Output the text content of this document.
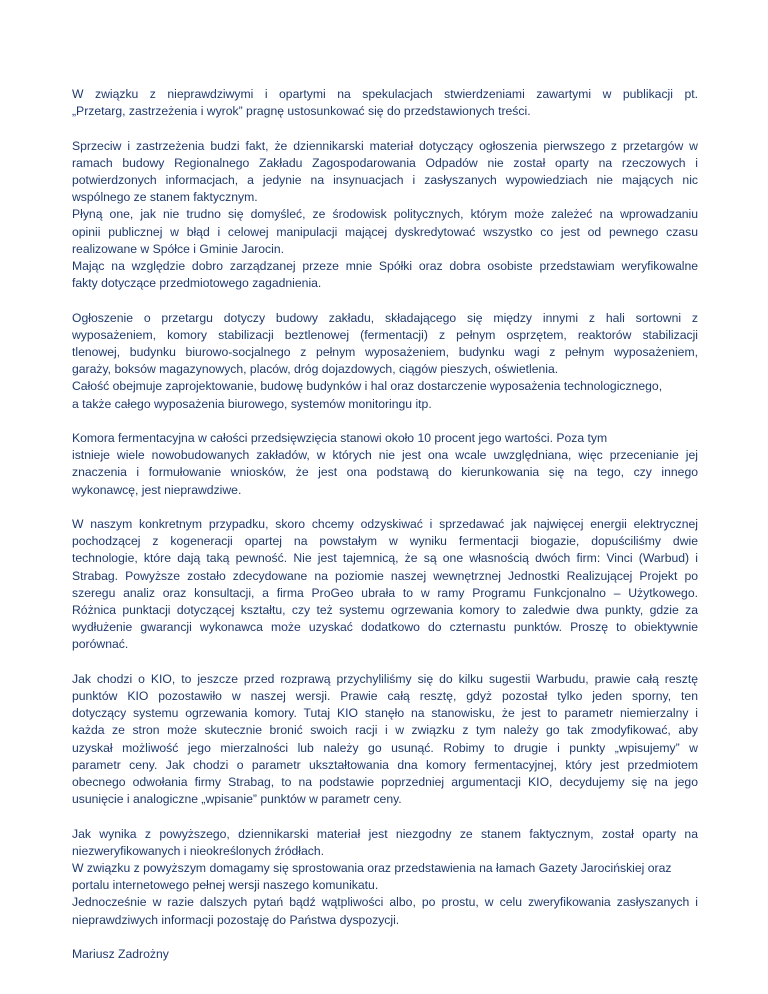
W związku z nieprawdziwymi i opartymi na spekulacjach stwierdzeniami zawartymi w publikacji pt.
„Przetarg, zastrzeżenia i wyrok” pragnę ustosunkować się do przedstawionych treści.
Sprzeciw i zastrzeżenia budzi fakt, że dziennikarski materiał dotyczący ogłoszenia pierwszego z przetargów w
ramach budowy Regionalnego Zakładu Zagospodarowania Odpadów nie został oparty na rzeczowych i
potwierdzonych informacjach, a jedynie na insynuacjach i zasłyszanych wypowiedziach nie mających nic
wspólnego ze stanem faktycznym.
Płyną one, jak nie trudno się domyśleć, ze środowisk politycznych, którym może zależeć na wprowadzaniu
opinii publicznej w błąd i celowej manipulacji mającej dyskredytować wszystko co jest od pewnego czasu
realizowane w Spółce i Gminie Jarocin.
Mając na względzie dobro zarządzanej przeze mnie Spółki oraz dobra osobiste przedstawiam weryfikowalne
fakty dotyczące przedmiotowego zagadnienia.
Ogłoszenie o przetargu dotyczy budowy zakładu, składającego się między innymi z hali sortowni z
wyposażeniem, komory stabilizacji beztlenowej (fermentacji) z pełnym osprzętem, reaktorów stabilizacji
tlenowej, budynku biurowo-socjalnego z pełnym wyposażeniem, budynku wagi z pełnym wyposażeniem,
garaży, boksów magazynowych, placów, dróg dojazdowych, ciągów pieszych, oświetlenia.
Całość obejmuje zaprojektowanie, budowę budynków i hal oraz dostarczenie wyposażenia technologicznego,
a także całego wyposażenia biurowego, systemów monitoringu itp.
Komora fermentacyjna w całości przedsięwzięcia stanowi około 10 procent jego wartości. Poza tym
istnieje wiele nowobudowanych zakładów, w których nie jest ona wcale uwzględniana, więc przecenianie jej
znaczenia i formułowanie wniosków, że jest ona podstawą do kierunkowania się na tego, czy innego
wykonawcę, jest nieprawdziwe.
W naszym konkretnym przypadku, skoro chcemy odzyskiwać i sprzedawać jak najwięcej energii elektrycznej
pochodzącej z kogeneracji opartej na powstałym w wyniku fermentacji biogazie, dopuściliśmy dwie
technologie, które dają taką pewność. Nie jest tajemnicą, że są one własnością dwóch firm: Vinci (Warbud) i
Strabag. Powyższe zostało zdecydowane na poziomie naszej wewnętrznej Jednostki Realizującej Projekt po
szeregu analiz oraz konsultacji, a firma ProGeo ubrała to w ramy Programu Funkcjonalno – Użytkowego.
Różnica punktacji dotyczącej kształtu, czy też systemu ogrzewania komory to zaledwie dwa punkty, gdzie za
wydłużenie gwarancji wykonawca może uzyskać dodatkowo do czternastu punktów. Proszę to obiektywnie
porównać.
Jak chodzi o KIO, to jeszcze przed rozprawą przychyliliśmy się do kilku sugestii Warbudu, prawie całą resztę
punktów KIO pozostawiło w naszej wersji. Prawie całą resztę, gdyż pozostał tylko jeden sporny, ten
dotyczący systemu ogrzewania komory. Tutaj KIO stanęło na stanowisku, że jest to parametr niemierzalny i
każda ze stron może skutecznie bronić swoich racji i w związku z tym należy go tak zmodyfikować, aby
uzyskał możliwość jego mierzalności lub należy go usunąć. Robimy to drugie i punkty „wpisujemy” w
parametr ceny. Jak chodzi o parametr ukształtowania dna komory fermentacyjnej, który jest przedmiotem
obecnego odwołania firmy Strabag, to na podstawie poprzedniej argumentacji KIO, decydujemy się na jego
usunięcie i analogiczne „wpisanie” punktów w parametr ceny.
Jak wynika z powyższego, dziennikarski materiał jest niezgodny ze stanem faktycznym, został oparty na
niezweryfikowanych i nieokreślonych źródłach.
W związku z powyższym domagamy się sprostowania oraz przedstawienia na łamach Gazety Jarocińskiej oraz
portalu internetowego pełnej wersji naszego komunikatu.
Jednocześnie w razie dalszych pytań bądź wątpliwości albo, po prostu, w celu zweryfikowania zasłyszanych i
nieprawdziwych informacji pozostaję do Państwa dyspozycji.

Mariusz Zadrożny
